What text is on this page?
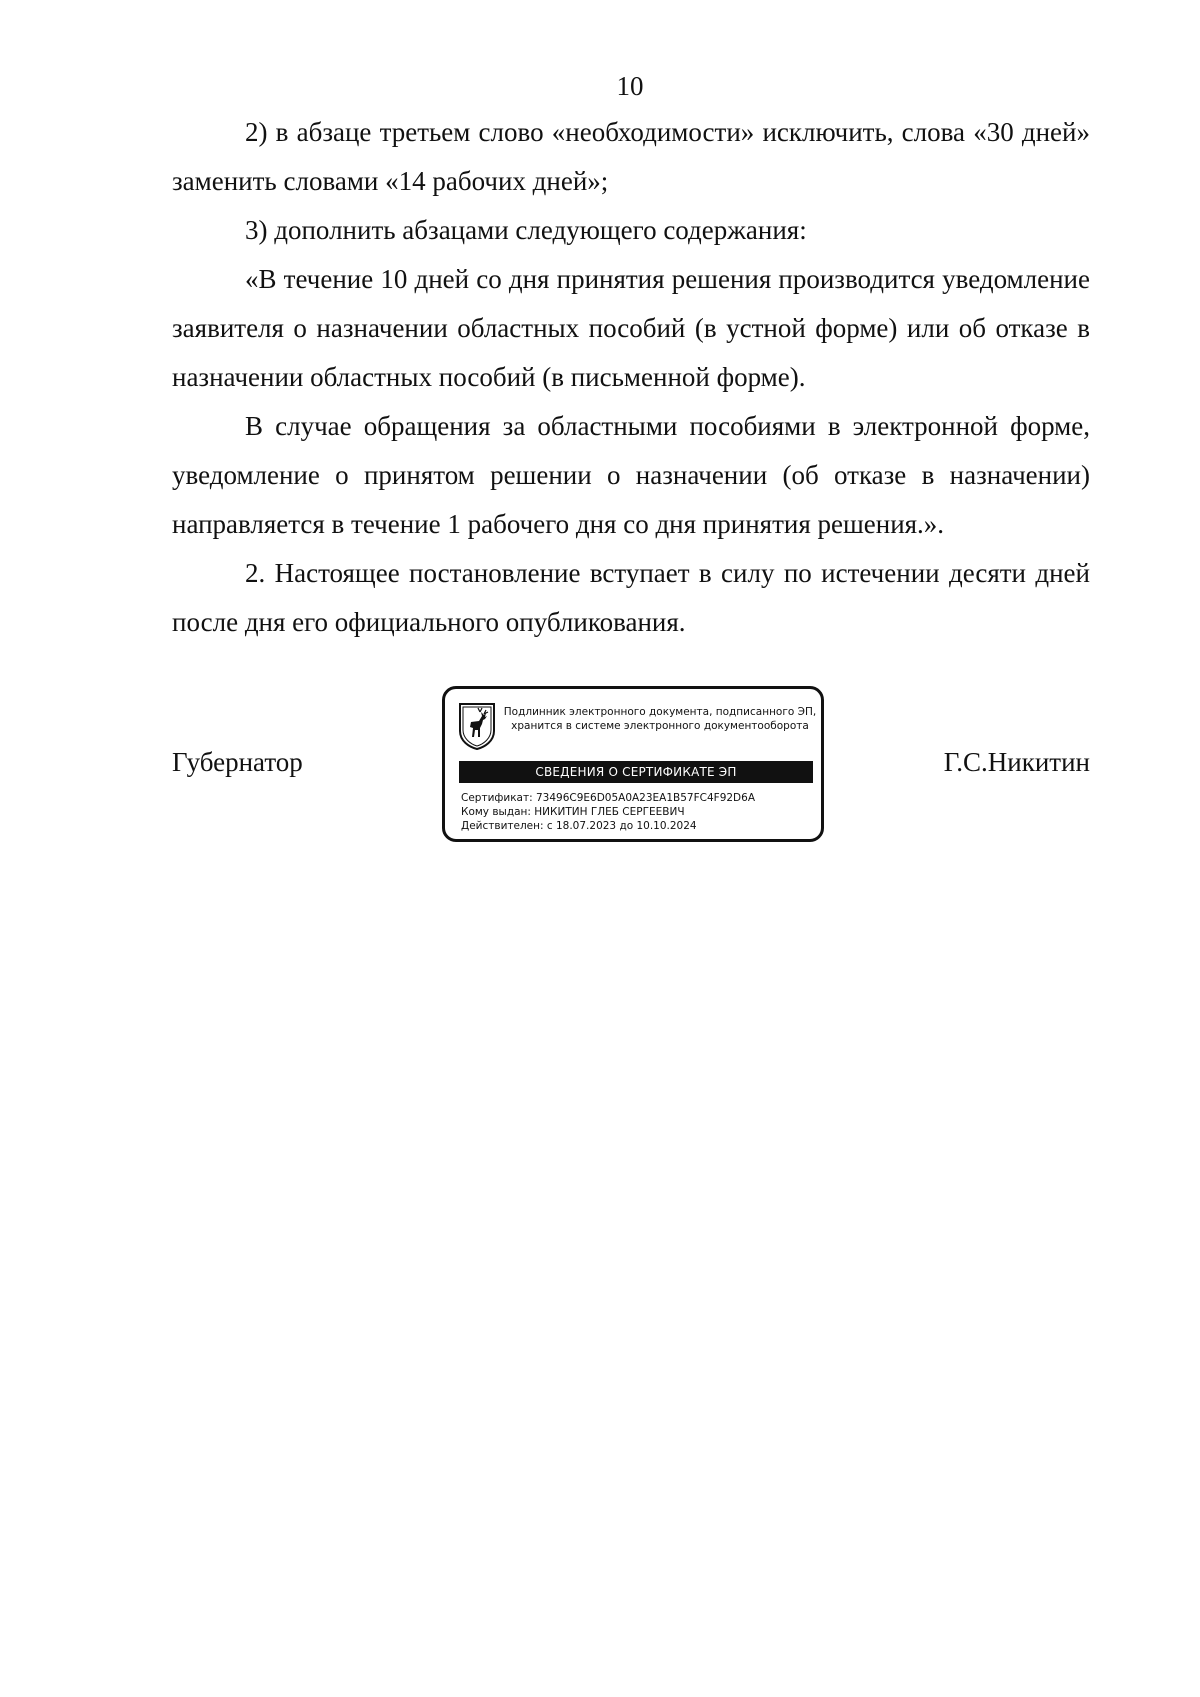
10

2) в абзаце третьем слово «необходимости» исключить, слова «30 дней» заменить словами «14 рабочих дней»;

3) дополнить абзацами следующего содержания:

«В течение 10 дней со дня принятия решения производится уведомление заявителя о назначении областных пособий (в устной форме) или об отказе в назначении областных пособий (в письменной форме).

В случае обращения за областными пособиями в электронной форме, уведомление о принятом решении о назначении (об отказе в назначении) направляется в течение 1 рабочего дня со дня принятия решения.».

2. Настоящее постановление вступает в силу по истечении десяти дней после дня его официального опубликования.

Губернатор
Подлинник электронного документа, подписанного ЭП,
хранится в системе электронного документооборота
СВЕДЕНИЯ О СЕРТИФИКАТЕ ЭП
Сертификат: 73496C9E6D05A0A23EA1B57FC4F92D6A
Кому выдан: НИКИТИН ГЛЕБ СЕРГЕЕВИЧ
Действителен: с 18.07.2023 до 10.10.2024
Г.С.Никитин
